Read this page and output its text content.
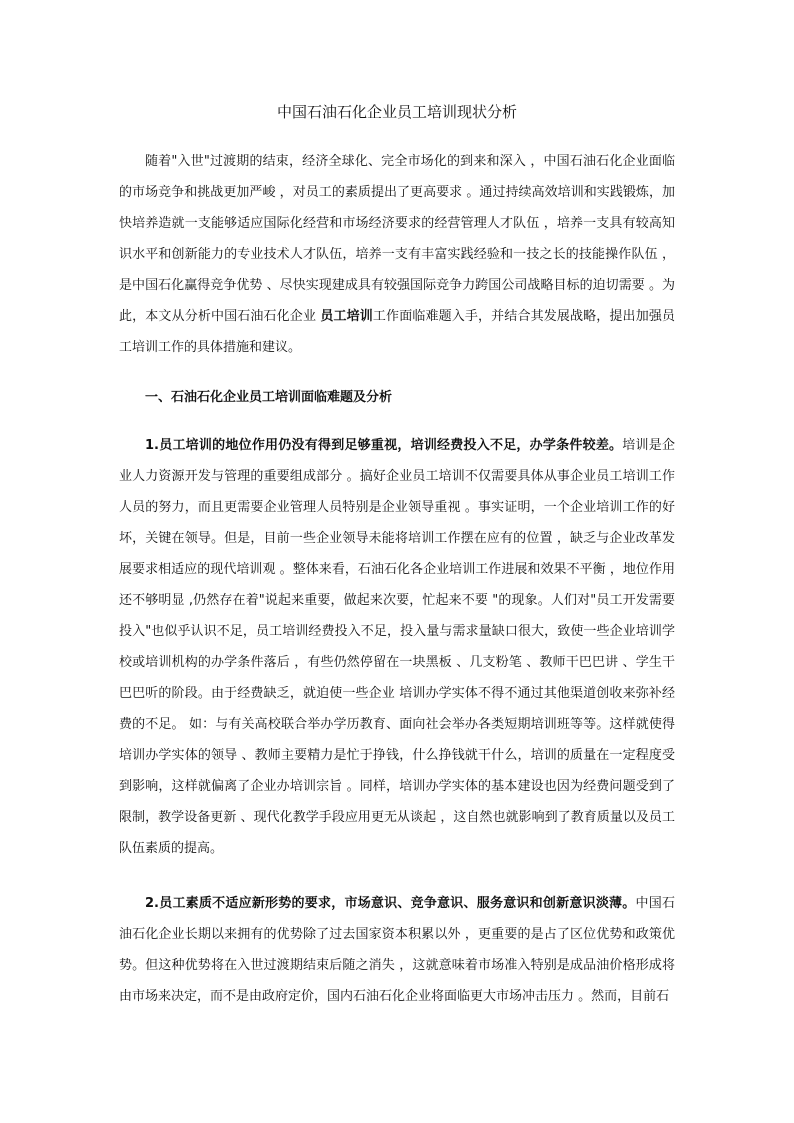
中国石油石化企业员工培训现状分析

随着"入世"过渡期的结束，经济全球化、完全市场化的到来和深入 ，中国石油石化企业面临的市场竞争和挑战更加严峻 ，对员工的素质提出了更高要求 。通过持续高效培训和实践锻炼，加快培养造就一支能够适应国际化经营和市场经济要求的经营管理人才队伍 ，培养一支具有较高知识水平和创新能力的专业技术人才队伍，培养一支有丰富实践经验和一技之长的技能操作队伍 ，是中国石化赢得竞争优势 、尽快实现建成具有较强国际竞争力跨国公司战略目标的迫切需要 。为此，本文从分析中国石油石化企业 员工培训工作面临难题入手，并结合其发展战略，提出加强员工培训工作的具体措施和建议。

一、石油石化企业员工培训面临难题及分析

1.员工培训的地位作用仍没有得到足够重视，培训经费投入不足，办学条件较差。培训是企业人力资源开发与管理的重要组成部分 。搞好企业员工培训不仅需要具体从事企业员工培训工作人员的努力，而且更需要企业管理人员特别是企业领导重视 。事实证明，一个企业培训工作的好坏，关键在领导。但是，目前一些企业领导未能将培训工作摆在应有的位置 ，缺乏与企业改革发展要求相适应的现代培训观 。整体来看，石油石化各企业培训工作进展和效果不平衡 ，地位作用还不够明显 ,仍然存在着"说起来重要，做起来次要，忙起来不要 "的现象。人们对"员工开发需要投入"也似乎认识不足，员工培训经费投入不足，投入量与需求量缺口很大，致使一些企业培训学校或培训机构的办学条件落后 ，有些仍然停留在一块黑板 、几支粉笔 、教师干巴巴讲 、学生干巴巴听的阶段。由于经费缺乏，就迫使一些企业 培训办学实体不得不通过其他渠道创收来弥补经费的不足。 如：与有关高校联合举办学历教育、面向社会举办各类短期培训班等等。这样就使得培训办学实体的领导 、教师主要精力是忙于挣钱，什么挣钱就干什么，培训的质量在一定程度受到影响，这样就偏离了企业办培训宗旨 。同样，培训办学实体的基本建设也因为经费问题受到了限制，教学设备更新 、现代化教学手段应用更无从谈起 ，这自然也就影响到了教育质量以及员工队伍素质的提高。

2.员工素质不适应新形势的要求，市场意识、竞争意识、服务意识和创新意识淡薄。中国石油石化企业长期以来拥有的优势除了过去国家资本积累以外 ，更重要的是占了区位优势和政策优势。但这种优势将在入世过渡期结束后随之消失 ，这就意味着市场准入特别是成品油价格形成将由市场来决定，而不是由政府定价，国内石油石化企业将面临更大市场冲击压力 。然而，目前石
